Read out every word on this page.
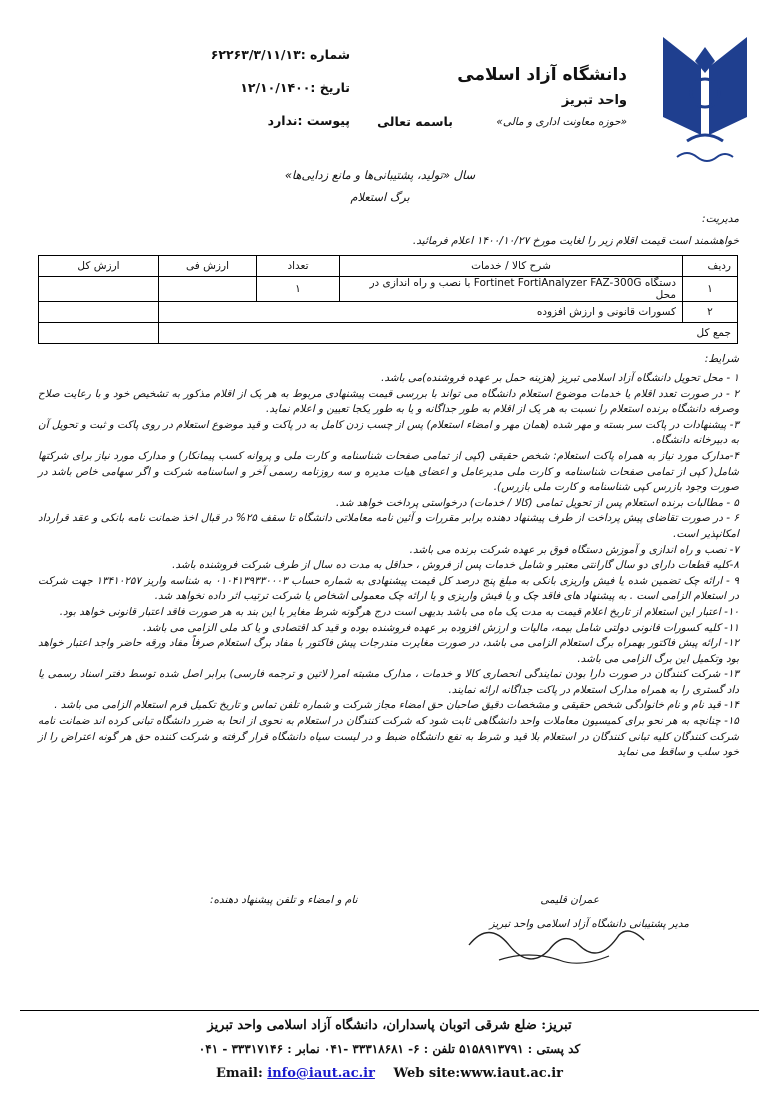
دانشگاه آزاد اسلامی
واحد تبریز
«حوزه معاونت اداری و مالی»
باسمه تعالی
شماره :۶۲۲۶۳/۳/۱۱/۱۳
تاریخ :۱۲/۱۰/۱۴۰۰
پیوست :ندارد
سال «تولید، پشتیبانی‌ها و مانع زدایی‌ها»
برگ استعلام
مدیریت:
خواهشمند است قیمت اقلام زیر را لغایت مورخ ۱۴۰۰/۱۰/۲۷ اعلام فرمائید.
ردیف	شرح کالا / خدمات	تعداد	ارزش فی	ارزش کل
۱	دستگاه Fortinet FortiAnalyzer FAZ-300G با نصب و راه اندازی در محل	۱		
۲	کسورات قانونی و ارزش افزوده			
جمع کل				
شرایط:
۱ - محل تحویل دانشگاه آزاد اسلامی تبریز (هزینه حمل بر عهده فروشنده)می باشد.
۲ - در صورت تعدد اقلام یا خدمات موضوع استعلام دانشگاه می تواند با بررسی قیمت پیشنهادی مربوط به هر یک از اقلام مذکور به تشخیص خود و با رعایت صلاح وصرفه دانشگاه برنده استعلام را نسبت به هر یک از اقلام به طور جداگانه و یا به طور یکجا تعیین و اعلام نماید.
۳- پیشنهادات در پاکت سر بسته و مهر شده (همان مهر و امضاء استعلام) پس از چسب زدن کامل به در پاکت و قید موضوع استعلام در روی پاکت و ثبت و تحویل آن به دبیرخانه دانشگاه.
۴-مدارک مورد نیاز به همراه پاکت استعلام: شخص حقیقی (کپی از تمامی صفحات شناسنامه و کارت ملی و پروانه کسب پیمانکار) و مدارک مورد نیاز برای شرکتها شامل( کپی از تمامی صفحات شناسنامه و کارت ملی مدیرعامل و اعضای هیات مدیره و سه روزنامه رسمی آخر و اساسنامه شرکت و اگر سهامی خاص باشد در صورت وجود بازرس کپی شناسنامه و کارت ملی بازرس).
۵ - مطالبات برنده استعلام پس از تحویل تمامی (کالا / خدمات) درخواستی پرداخت خواهد شد.
۶ - در صورت تقاضای پیش پرداخت از طرف پیشنهاد دهنده برابر مقررات و آئین نامه معاملاتی دانشگاه تا سقف ۲۵% در قبال اخذ ضمانت نامه بانکی و عقد قرارداد امکانپذیر است.
۷- نصب و راه اندازی و آموزش دستگاه فوق بر عهده شرکت برنده می باشد.
۸-کلیه قطعات دارای دو سال گارانتی معتبر و شامل خدمات پس از فروش ، حداقل به مدت ده سال از طرف شرکت فروشنده باشد.
۹ - ارائه چک تضمین شده یا فیش واریزی بانکی به مبلغ پنج درصد کل قیمت پیشنهادی به شماره حساب ۰۱۰۴۱۳۹۳۳۰۰۰۳ به شناسه واریز ۱۳۴۱۰۲۵۷ جهت شرکت در استعلام الزامی است . به پیشنهاد های فاقد چک و یا فیش واریزی و یا ارائه چک معمولی اشخاص یا شرکت ترتیب اثر داده نخواهد شد.
۱۰- اعتبار این استعلام از تاریخ اعلام قیمت به مدت یک ماه می باشد بدیهی است درج هرگونه شرط مغایر با این بند به هر صورت فاقد اعتبار قانونی خواهد بود.
۱۱- کلیه کسورات قانونی دولتی شامل بیمه، مالیات و ارزش افزوده بر عهده فروشنده بوده و قید کد اقتصادی و یا کد ملی الزامی می باشد.
۱۲- ارائه پیش فاکتور بهمراه برگ استعلام الزامی می باشد، در صورت مغایرت مندرجات پیش فاکتور با مفاد برگ استعلام صرفاً مفاد ورقه حاضر واجد اعتبار خواهد بود وتکمیل این برگ الزامی می باشد.
۱۳- شرکت کنندگان در صورت دارا بودن نمایندگی انحصاری کالا و خدمات ، مدارک مشبته امر( لاتین و ترجمه فارسی) برابر اصل شده توسط دفتر اسناد رسمی یا داد گستری را به همراه مدارک استعلام در پاکت جداگانه ارائه نمایند.
۱۴- قید نام و نام خانوادگی شخص حقیقی و مشخصات دقیق صاحبان حق امضاء مجاز شرکت و شماره تلفن تماس و تاریخ تکمیل فرم استعلام الزامی می باشد .
۱۵- چنانچه به هر نحو برای کمیسیون معاملات واحد دانشگاهی ثابت شود که شرکت کنندگان در استعلام به نحوی از انحا به ضرر دانشگاه تبانی کرده اند ضمانت نامه شرکت کنندگان کلیه تبانی کنندگان در استعلام بلا قید و شرط به نفع دانشگاه ضبط و در لیست سیاه دانشگاه قرار گرفته و شرکت کننده حق هر گونه اعتراض را از خود سلب و ساقط می نماید
عمران قلیمی
نام و امضاء و تلفن پیشنهاد دهنده:
مدیر پشتیبانی دانشگاه آزاد اسلامی واحد تبریز
تبریز: ضلع شرقی اتوبان پاسداران، دانشگاه آزاد اسلامی واحد تبریز
کد پستی : ۵۱۵۸۹۱۳۷۹۱ تلفن : ۶- ۳۳۳۱۸۶۸۱ -۰۴۱ نمابر : ۳۳۳۱۷۱۴۶ - ۰۴۱
Email: info@iaut.ac.ir Web site:www.iaut.ac.ir
